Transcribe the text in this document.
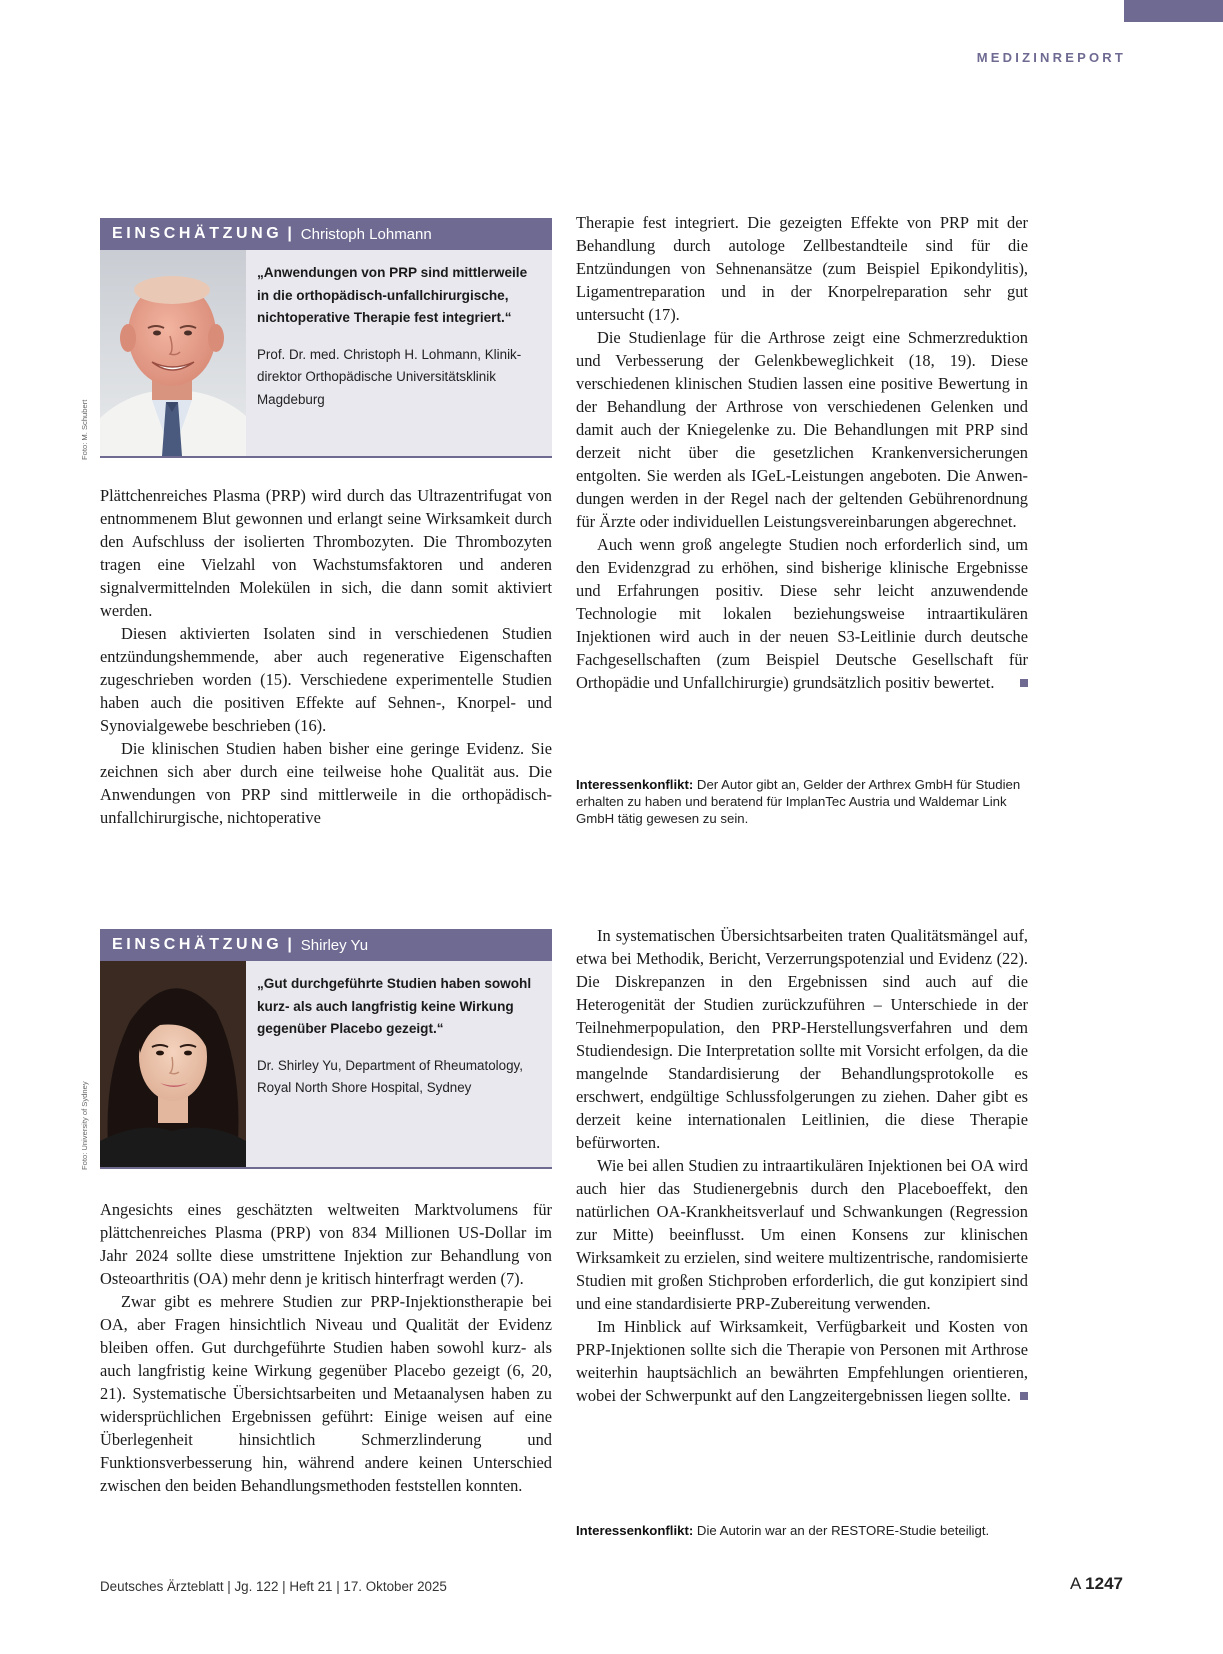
MEDIZINREPORT
EINSCHÄTZUNG | Christoph Lohmann
„Anwendungen von PRP sind mittlerweile in die orthopädisch-unfallchirurgische, nichtoperative Therapie fest integriert.“
Prof. Dr. med. Christoph H. Lohmann, Klinikdirektor Orthopädische Universitätsklinik Magdeburg
Foto: M. Schubert

Plättchenreiches Plasma (PRP) wird durch das Ultrazentrifugat von entnommenem Blut gewonnen und erlangt seine Wirksamkeit durch den Aufschluss der isolierten Thrombozyten. Die Thrombozyten tragen eine Vielzahl von Wachstumsfaktoren und anderen signalvermittelnden Molekülen in sich, die dann somit aktiviert werden.

Diesen aktivierten Isolaten sind in verschiedenen Studien entzündungshemmende, aber auch regenerative Eigenschaften zugeschrieben worden (15). Verschiedene experimentelle Studien haben auch die positiven Effekte auf Sehnen-, Knorpel- und Synovialgewebe beschrieben (16).

Die klinischen Studien haben bisher eine geringe Evidenz. Sie zeichnen sich aber durch eine teilweise hohe Qualität aus. Die Anwendungen von PRP sind mittlerweile in die orthopädisch-unfallchirurgische, nichtoperative

Therapie fest integriert. Die gezeigten Effekte von PRP mit der Behandlung durch autologe Zellbestandteile sind für die Entzündungen von Sehnenansätze (zum Beispiel Epikondylitis), Ligamentreparation und in der Knorpelreparation sehr gut untersucht (17).

Die Studienlage für die Arthrose zeigt eine Schmerzreduktion und Verbesserung der Gelenkbeweglichkeit (18, 19). Diese verschiedenen klinischen Studien lassen eine positive Bewertung in der Behandlung der Arthrose von verschiedenen Gelenken und damit auch der Kniegelenke zu. Die Behandlungen mit PRP sind derzeit nicht über die gesetzlichen Krankenversicherungen entgolten. Sie werden als IGeL-Leistungen angeboten. Die Anwendungen werden in der Regel nach der geltenden Gebührenordnung für Ärzte oder individuellen Leistungsvereinbarungen abgerechnet.

Auch wenn groß angelegte Studien noch erforderlich sind, um den Evidenzgrad zu erhöhen, sind bisherige klinische Ergebnisse und Erfahrungen positiv. Diese sehr leicht anzuwendende Technologie mit lokalen beziehungsweise intraartikulären Injektionen wird auch in der neuen S3-Leitlinie durch deutsche Fachgesellschaften (zum Beispiel Deutsche Gesellschaft für Orthopädie und Unfallchirurgie) grundsätzlich positiv bewertet.

Interessenkonflikt: Der Autor gibt an, Gelder der Arthrex GmbH für Studien erhalten zu haben und beratend für ImplanTec Austria und Waldemar Link GmbH tätig gewesen zu sein.
EINSCHÄTZUNG | Shirley Yu
„Gut durchgeführte Studien haben sowohl kurz- als auch langfristig keine Wirkung gegenüber Placebo gezeigt.“
Dr. Shirley Yu, Department of Rheumatology, Royal North Shore Hospital, Sydney
Foto: University of Sydney

Angesichts eines geschätzten weltweiten Marktvolumens für plättchenreiches Plasma (PRP) von 834 Millionen US-Dollar im Jahr 2024 sollte diese umstrittene Injektion zur Behandlung von Osteoarthritis (OA) mehr denn je kritisch hinterfragt werden (7).

Zwar gibt es mehrere Studien zur PRP-Injektionstherapie bei OA, aber Fragen hinsichtlich Niveau und Qualität der Evidenz bleiben offen. Gut durchgeführte Studien haben sowohl kurz- als auch langfristig keine Wirkung gegenüber Placebo gezeigt (6, 20, 21). Systematische Übersichtsarbeiten und Metaanalysen haben zu widersprüchlichen Ergebnissen geführt: Einige weisen auf eine Überlegenheit hinsichtlich Schmerzlinderung und Funktionsverbesserung hin, während andere keinen Unterschied zwischen den beiden Behandlungsmethoden feststellen konnten.

In systematischen Übersichtsarbeiten traten Qualitätsmängel auf, etwa bei Methodik, Bericht, Verzerrungspotenzial und Evidenz (22). Die Diskrepanzen in den Ergebnissen sind auch auf die Heterogenität der Studien zurückzuführen – Unterschiede in der Teilnehmerpopulation, den PRP-Herstellungsverfahren und dem Studiendesign. Die Interpretation sollte mit Vorsicht erfolgen, da die mangelnde Standardisierung der Behandlungsprotokolle es erschwert, endgültige Schlussfolgerungen zu ziehen. Daher gibt es derzeit keine internationalen Leitlinien, die diese Therapie befürworten.

Wie bei allen Studien zu intraartikulären Injektionen bei OA wird auch hier das Studienergebnis durch den Placeboeffekt, den natürlichen OA-Krankheitsverlauf und Schwankungen (Regression zur Mitte) beeinflusst. Um einen Konsens zur klinischen Wirksamkeit zu erzielen, sind weitere multizentrische, randomisierte Studien mit großen Stichproben erforderlich, die gut konzipiert sind und eine standardisierte PRP-Zubereitung verwenden.

Im Hinblick auf Wirksamkeit, Verfügbarkeit und Kosten von PRP-Injektionen sollte sich die Therapie von Personen mit Arthrose weiterhin hauptsächlich an bewährten Empfehlungen orientieren, wobei der Schwerpunkt auf den Langzeitergebnissen liegen sollte.

Interessenkonflikt: Die Autorin war an der RESTORE-Studie beteiligt.
Deutsches Ärzteblatt | Jg. 122 | Heft 21 | 17. Oktober 2025	A 1247
